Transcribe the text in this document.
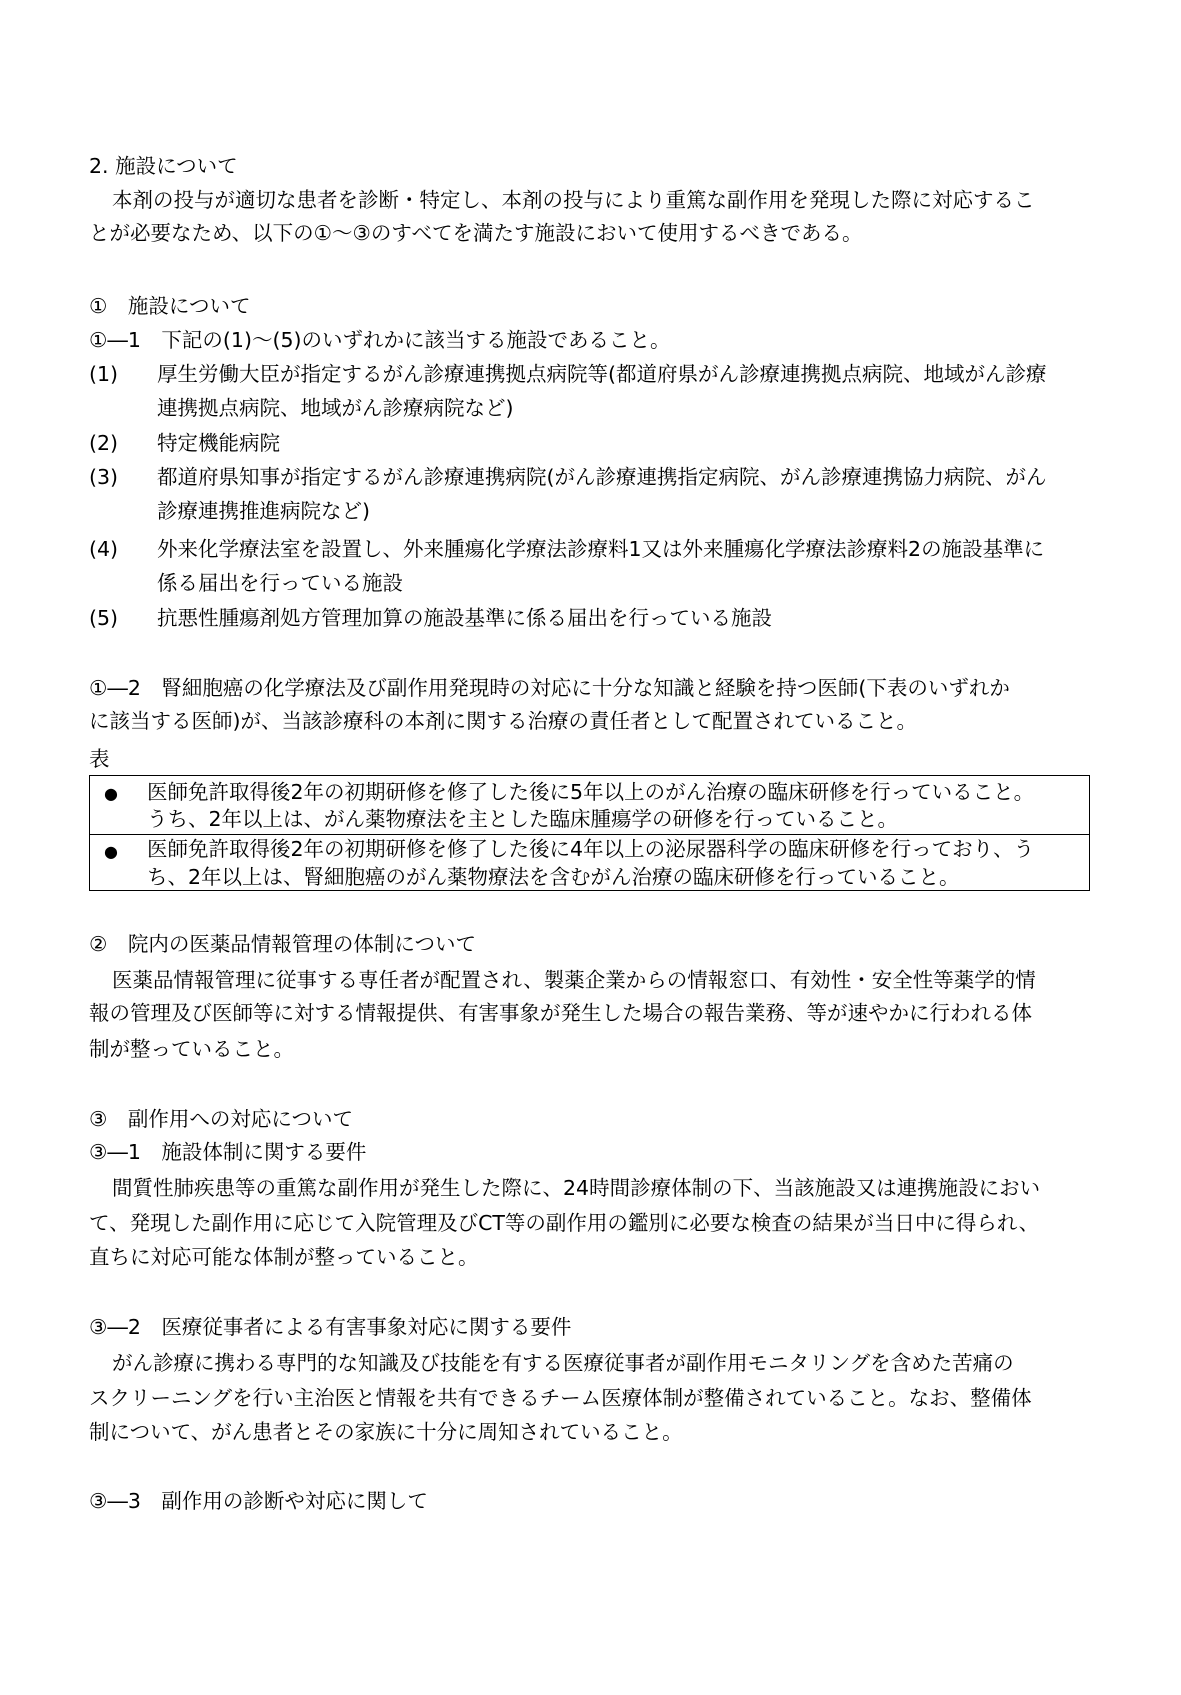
2. 施設について
本剤の投与が適切な患者を診断・特定し、本剤の投与により重篤な副作用を発現した際に対応するこ
とが必要なため、以下の①～③のすべてを満たす施設において使用するべきである。
①　施設について
①―1　下記の(1)～(5)のいずれかに該当する施設であること。
(1) 厚生労働大臣が指定するがん診療連携拠点病院等(都道府県がん診療連携拠点病院、地域がん診療
連携拠点病院、地域がん診療病院など)
(2) 特定機能病院
(3) 都道府県知事が指定するがん診療連携病院(がん診療連携指定病院、がん診療連携協力病院、がん
診療連携推進病院など)
(4) 外来化学療法室を設置し、外来腫瘍化学療法診療料1又は外来腫瘍化学療法診療料2の施設基準に
係る届出を行っている施設
(5) 抗悪性腫瘍剤処方管理加算の施設基準に係る届出を行っている施設
①―2　腎細胞癌の化学療法及び副作用発現時の対応に十分な知識と経験を持つ医師(下表のいずれか
に該当する医師)が、当該診療科の本剤に関する治療の責任者として配置されていること。
表
● 医師免許取得後2年の初期研修を修了した後に5年以上のがん治療の臨床研修を行っていること。
うち、2年以上は、がん薬物療法を主とした臨床腫瘍学の研修を行っていること。
● 医師免許取得後2年の初期研修を修了した後に4年以上の泌尿器科学の臨床研修を行っており、う
ち、2年以上は、腎細胞癌のがん薬物療法を含むがん治療の臨床研修を行っていること。
②　院内の医薬品情報管理の体制について
医薬品情報管理に従事する専任者が配置され、製薬企業からの情報窓口、有効性・安全性等薬学的情
報の管理及び医師等に対する情報提供、有害事象が発生した場合の報告業務、等が速やかに行われる体
制が整っていること。
③　副作用への対応について
③―1　施設体制に関する要件
間質性肺疾患等の重篤な副作用が発生した際に、24時間診療体制の下、当該施設又は連携施設におい
て、発現した副作用に応じて入院管理及びCT等の副作用の鑑別に必要な検査の結果が当日中に得られ、
直ちに対応可能な体制が整っていること。
③―2　医療従事者による有害事象対応に関する要件
がん診療に携わる専門的な知識及び技能を有する医療従事者が副作用モニタリングを含めた苦痛の
スクリーニングを行い主治医と情報を共有できるチーム医療体制が整備されていること。なお、整備体
制について、がん患者とその家族に十分に周知されていること。
③―3　副作用の診断や対応に関して
